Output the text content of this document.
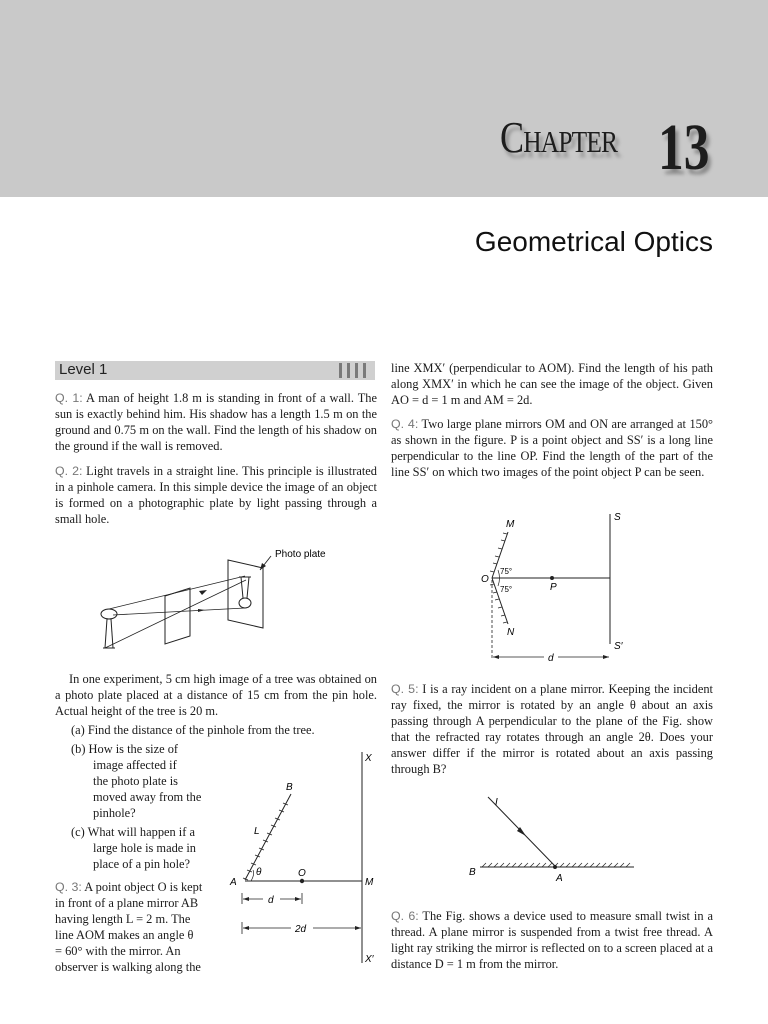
Chapter 13
Geometrical Optics
Level 1

Q. 1: A man of height 1.8 m is standing in front of a wall. The sun is exactly behind him. His shadow has a length 1.5 m on the ground and 0.75 m on the wall. Find the length of his shadow on the ground if the wall is removed.

Q. 2: Light travels in a straight line. This principle is illustrated in a pinhole camera. In this simple device the image of an object is formed on a photographic plate by light passing through a small hole.

Photo plate

In one experiment, 5 cm high image of a tree was obtained on a photo plate placed at a distance of 15 cm from the pin hole. Actual height of the tree is 20 m.

(a) Find the distance of the pinhole from the tree.
(b) How is the size of
image affected if
the photo plate is
moved away from the
pinhole?
(c) What will happen if a
large hole is made in
place of a pin hole?
Q. 3: A point object O is kept
in front of a plane mirror AB
having length L = 2 m. The
line AOM makes an angle θ
= 60° with the mirror. An
observer is walking along the
X
X′
B
L
A
θ	O
M
d
2d
line XMX′ (perpendicular to AOM). Find the length of his path along XMX′ in which he can see the image of the object. Given AO = d = 1 m and AM = 2d.

Q. 4: Two large plane mirrors OM and ON are arranged at 150° as shown in the figure. P is a point object and SS′ is a long line perpendicular to the line OP. Find the length of the part of the line SS′ on which two images of the point object P can be seen.

M
S
S′
O
75°
75°	P
N
d

Q. 5: I is a ray incident on a plane mirror. Keeping the incident ray fixed, the mirror is rotated by an angle θ about an axis passing through A perpendicular to the plane of the Fig. show that the refracted ray rotates through an angle 2θ. Does your answer differ if the mirror is rotated about an axis passing through B?

I
B
A

Q. 6: The Fig. shows a device used to measure small twist in a thread. A plane mirror is suspended from a twist free thread. A light ray striking the mirror is reflected on to a screen placed at a distance D = 1 m from the mirror.
